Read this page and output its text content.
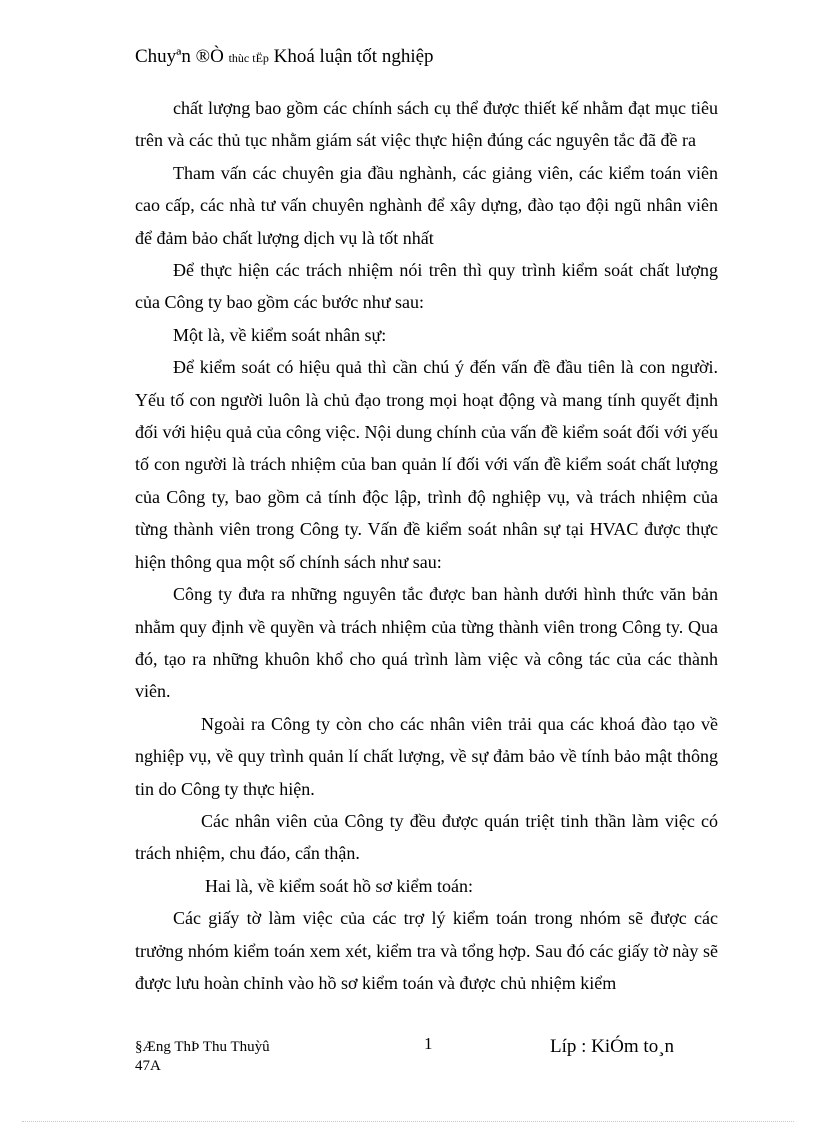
Chuyªn ®Ò thùc tËp Khoá luận tốt nghiệp

chất lượng bao gồm các chính sách cụ thể được thiết kế nhằm đạt mục tiêu trên và các thủ tục nhằm giám sát việc thực hiện đúng các nguyên tắc đã đề ra

Tham vấn các chuyên gia đầu nghành, các giảng viên, các kiểm toán viên cao cấp, các nhà tư vấn chuyên nghành để xây dựng, đào tạo đội ngũ nhân viên để đảm bảo chất lượng dịch vụ là tốt nhất

Để thực hiện các trách nhiệm nói trên thì quy trình kiểm soát chất lượng của Công ty bao gồm các bước như sau:

Một là, về kiểm soát nhân sự:

Để kiểm soát có hiệu quả thì cần chú ý đến vấn đề đầu tiên là con người. Yếu tố con người luôn là chủ đạo trong mọi hoạt động và mang tính quyết định đối với hiệu quả của công việc. Nội dung chính của vấn đề kiểm soát đối với yếu tố con người là trách nhiệm của ban quản lí đối với vấn đề kiểm soát chất lượng của Công ty, bao gồm cả tính độc lập, trình độ nghiệp vụ, và trách nhiệm của từng thành viên trong Công ty. Vấn đề kiểm soát nhân sự tại HVAC được thực hiện thông qua một số chính sách như sau:

Công ty đưa ra những nguyên tắc được ban hành dưới hình thức văn bản nhằm quy định về quyền và trách nhiệm của từng thành viên trong Công ty. Qua đó, tạo ra những khuôn khổ cho quá trình làm việc và công tác của các thành viên.

Ngoài ra Công ty còn cho các nhân viên trải qua các khoá đào tạo về nghiệp vụ, về quy trình quản lí chất lượng, về sự đảm bảo về tính bảo mật thông tin do Công ty thực hiện.

Các nhân viên của Công ty đều được quán triệt tinh thần làm việc có trách nhiệm, chu đáo, cẩn thận.

Hai là, về kiểm soát hồ sơ kiểm toán:

Các giấy tờ làm việc của các trợ lý kiểm toán trong nhóm sẽ được các trưởng nhóm kiểm toán xem xét, kiểm tra và tổng hợp. Sau đó các giấy tờ này sẽ được lưu hoàn chỉnh vào hồ sơ kiểm toán và được chủ nhiệm kiểm

§Æng ThÞ Thu Thuỳû
47A
1	Líp : KiÓm to¸n
